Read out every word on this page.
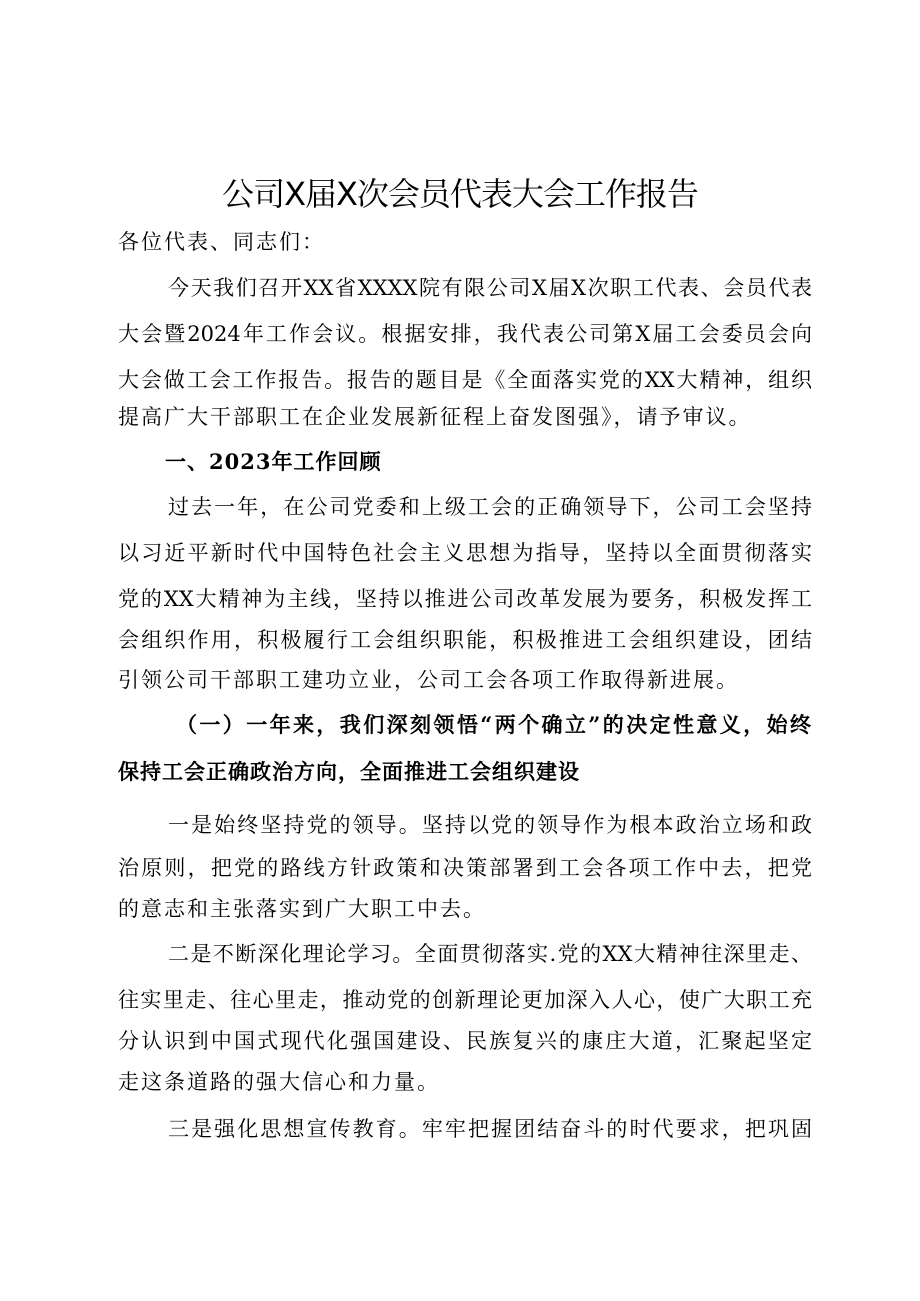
公司X届X次会员代表大会工作报告

各位代表、同志们：

今天我们召开XX省XXXX院有限公司X届X次职工代表、会员代表

大会暨2024年工作会议。根据安排，我代表公司第X届工会委员会向

大会做工会工作报告。报告的题目是《全面落实党的XX大精神，组织

提高广大干部职工在企业发展新征程上奋发图强》，请予审议。

一、2023年工作回顾

过去一年，在公司党委和上级工会的正确领导下，公司工会坚持

以习近平新时代中国特色社会主义思想为指导，坚持以全面贯彻落实

党的XX大精神为主线，坚持以推进公司改革发展为要务，积极发挥工

会组织作用，积极履行工会组织职能，积极推进工会组织建设，团结

引领公司干部职工建功立业，公司工会各项工作取得新进展。

（一）一年来，我们深刻领悟“两个确立”的决定性意义，始终

保持工会正确政治方向，全面推进工会组织建设

一是始终坚持党的领导。坚持以党的领导作为根本政治立场和政

治原则，把党的路线方针政策和决策部署到工会各项工作中去，把党

的意志和主张落实到广大职工中去。

二是不断深化理论学习。全面贯彻落实.党的XX大精神往深里走、

往实里走、往心里走，推动党的创新理论更加深入人心，使广大职工充

分认识到中国式现代化强国建设、民族复兴的康庄大道，汇聚起坚定

走这条道路的强大信心和力量。

三是强化思想宣传教育。牢牢把握团结奋斗的时代要求，把巩固
